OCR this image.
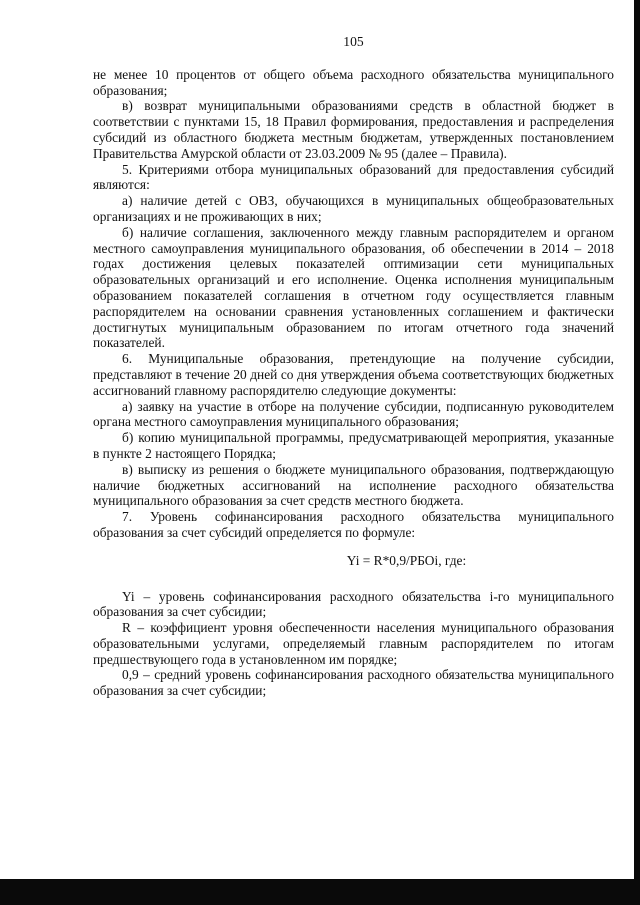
105

не менее 10 процентов от общего объема расходного обязательства муниципального образования;

в) возврат муниципальными образованиями средств в областной бюджет в соответствии с пунктами 15, 18 Правил формирования, предоставления и распределения субсидий из областного бюджета местным бюджетам, утвержденных постановлением Правительства Амурской области от 23.03.2009 № 95 (далее – Правила).

5. Критериями отбора муниципальных образований для предоставления субсидий являются:

а) наличие детей с ОВЗ, обучающихся в муниципальных общеобразовательных организациях и не проживающих в них;

б) наличие соглашения, заключенного между главным распорядителем и органом местного самоуправления муниципального образования, об обеспечении в 2014 – 2018 годах достижения целевых показателей оптимизации сети муниципальных образовательных организаций и его исполнение. Оценка исполнения муниципальным образованием показателей соглашения в отчетном году осуществляется главным распорядителем на основании сравнения установленных соглашением и фактически достигнутых муниципальным образованием по итогам отчетного года значений показателей.

6. Муниципальные образования, претендующие на получение субсидии, представляют в течение 20 дней со дня утверждения объема соответствующих бюджетных ассигнований главному распорядителю следующие документы:

а) заявку на участие в отборе на получение субсидии, подписанную руководителем органа местного самоуправления муниципального образования;

б) копию муниципальной программы, предусматривающей мероприятия, указанные в пункте 2 настоящего Порядка;

в) выписку из решения о бюджете муниципального образования, подтверждающую наличие бюджетных ассигнований на исполнение расходного обязательства муниципального образования за счет средств местного бюджета.

7. Уровень софинансирования расходного обязательства муниципального образования за счет субсидий определяется по формуле:

Yi = R*0,9/РБОi, где:

Yi – уровень софинансирования расходного обязательства i-го муниципального образования за счет субсидии;

R – коэффициент уровня обеспеченности населения муниципального образования образовательными услугами, определяемый главным распорядителем по итогам предшествующего года в установленном им порядке;

0,9 – средний уровень софинансирования расходного обязательства муниципального образования за счет субсидии;
